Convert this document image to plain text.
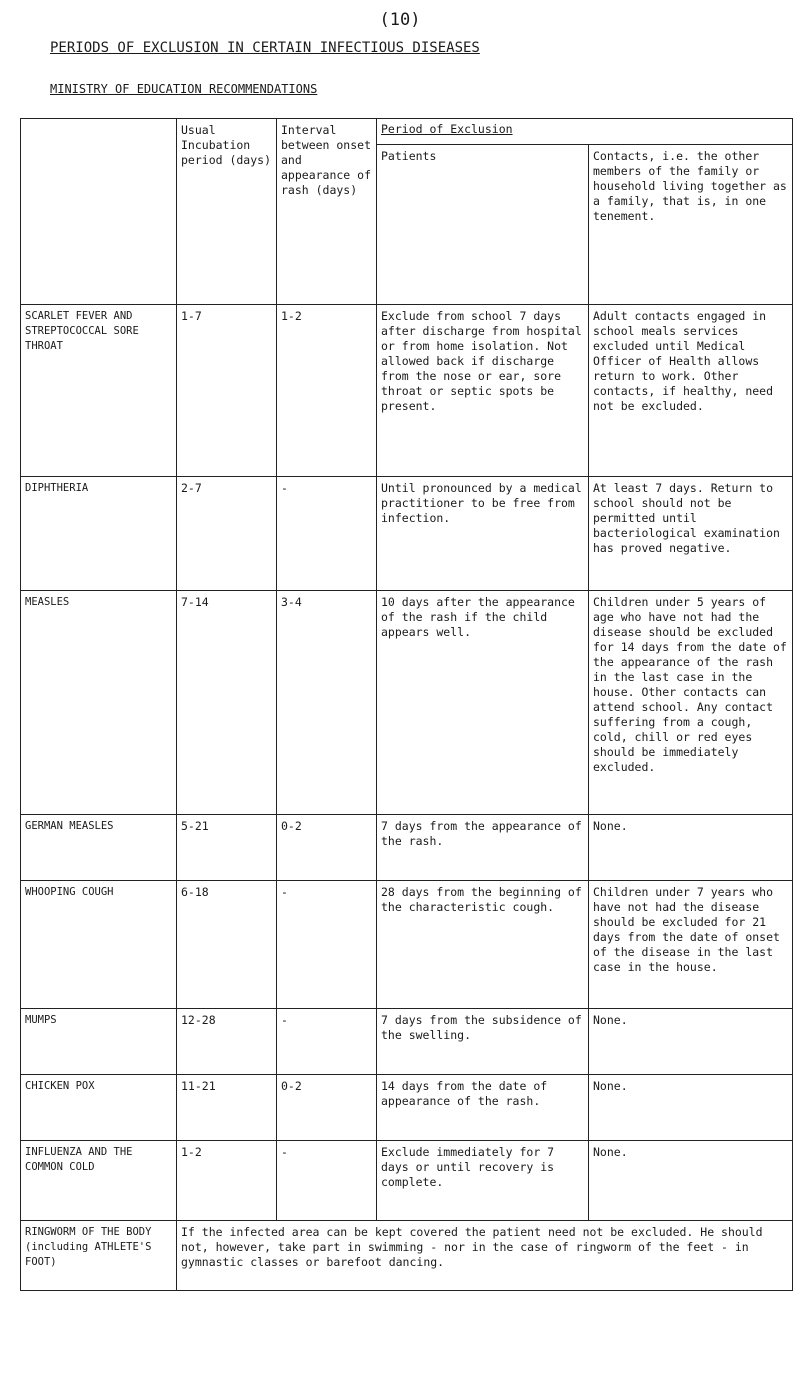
(10)
PERIODS OF EXCLUSION IN CERTAIN INFECTIOUS DISEASES
MINISTRY OF EDUCATION RECOMMENDATIONS
	Usual Incubation period (days)	Interval between onset and appearance of rash (days)	Period of Exclusion	
			Patients	Contacts, i.e. the other members of the family or household living together as a family, that is, in one tenement.
SCARLET FEVER AND STREPTOCOCCAL SORE THROAT	1-7	1-2	Exclude from school 7 days after discharge from hospital or from home isolation. Not allowed back if discharge from the nose or ear, sore throat or septic spots be present.	Adult contacts engaged in school meals services excluded until Medical Officer of Health allows return to work. Other contacts, if healthy, need not be excluded.
DIPHTHERIA	2-7	-	Until pronounced by a medical practitioner to be free from infection.	At least 7 days. Return to school should not be permitted until bacteriological examination has proved negative.
MEASLES	7-14	3-4	10 days after the appearance of the rash if the child appears well.	Children under 5 years of age who have not had the disease should be excluded for 14 days from the date of the appearance of the rash in the last case in the house. Other contacts can attend school. Any contact suffering from a cough, cold, chill or red eyes should be immediately excluded.
GERMAN MEASLES	5-21	0-2	7 days from the appearance of the rash.	None.
WHOOPING COUGH	6-18	-	28 days from the beginning of the characteristic cough.	Children under 7 years who have not had the disease should be excluded for 21 days from the date of onset of the disease in the last case in the house.
MUMPS	12-28	-	7 days from the subsidence of the swelling.	None.
CHICKEN POX	11-21	0-2	14 days from the date of appearance of the rash.	None.
INFLUENZA AND THE COMMON COLD	1-2	-	Exclude immediately for 7 days or until recovery is complete.	None.
RINGWORM OF THE BODY (including ATHLETE'S FOOT)	If the infected area can be kept covered the patient need not be excluded. He should not, however, take part in swimming - nor in the case of ringworm of the feet - in gymnastic classes or barefoot dancing.			
